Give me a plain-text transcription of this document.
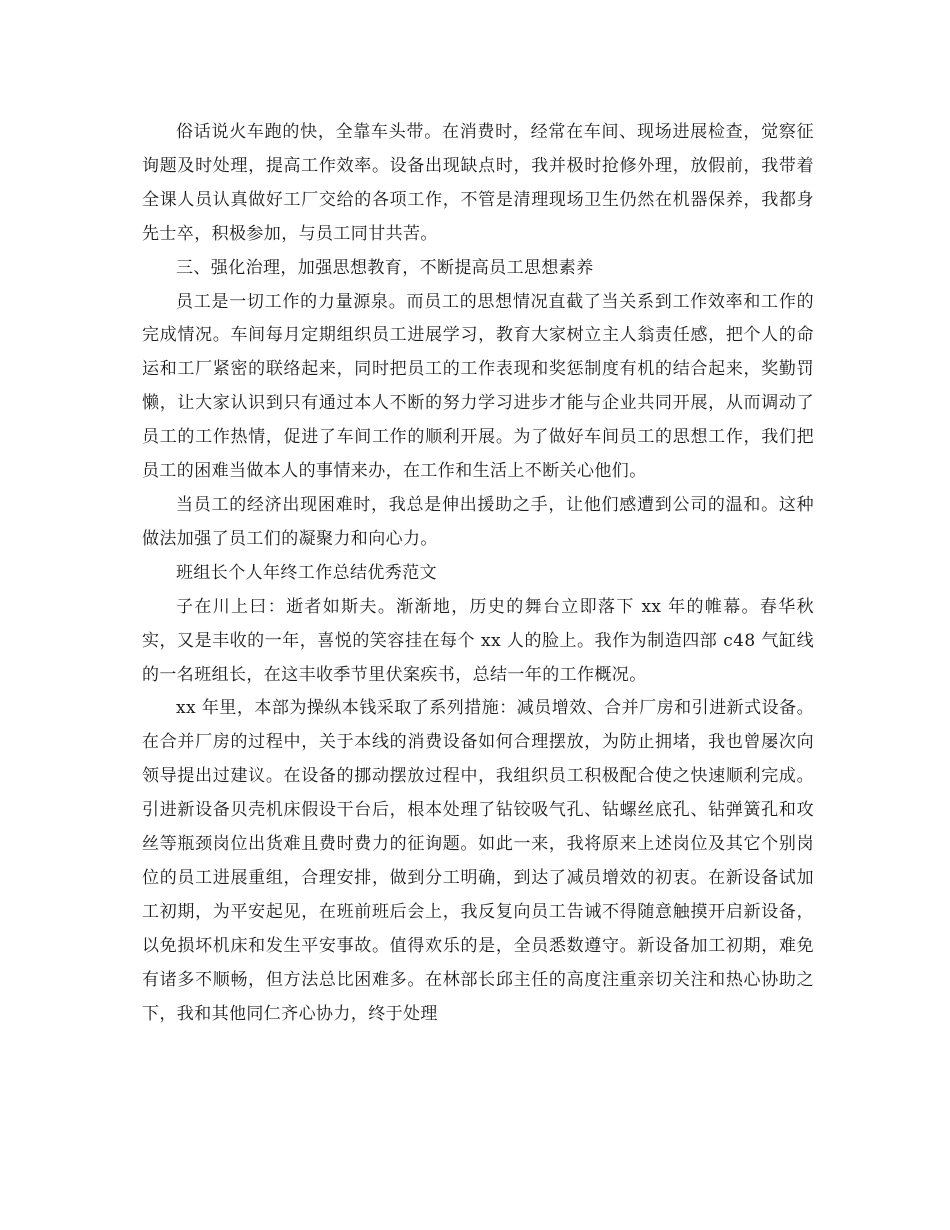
俗话说火车跑的快，全靠车头带。在消费时，经常在车间、现场进展检查，觉察征询题及时处理，提高工作效率。设备出现缺点时，我并极时抢修外理，放假前，我带着全课人员认真做好工厂交给的各项工作，不管是清理现场卫生仍然在机器保养，我都身先士卒，积极参加，与员工同甘共苦。

三、强化治理，加强思想教育，不断提高员工思想素养

员工是一切工作的力量源泉。而员工的思想情况直截了当关系到工作效率和工作的完成情况。车间每月定期组织员工进展学习，教育大家树立主人翁责任感，把个人的命运和工厂紧密的联络起来，同时把员工的工作表现和奖惩制度有机的结合起来，奖勤罚懒，让大家认识到只有通过本人不断的努力学习进步才能与企业共同开展，从而调动了员工的工作热情，促进了车间工作的顺利开展。为了做好车间员工的思想工作，我们把员工的困难当做本人的事情来办，在工作和生活上不断关心他们。

当员工的经济出现困难时，我总是伸出援助之手，让他们感遭到公司的温和。这种做法加强了员工们的凝聚力和向心力。

班组长个人年终工作总结优秀范文

子在川上曰：逝者如斯夫。渐渐地，历史的舞台立即落下 xx 年的帷幕。春华秋实，又是丰收的一年，喜悦的笑容挂在每个 xx 人的脸上。我作为制造四部 c48 气缸线的一名班组长，在这丰收季节里伏案疾书，总结一年的工作概况。

xx 年里，本部为操纵本钱采取了系列措施：减员增效、合并厂房和引进新式设备。在合并厂房的过程中，关于本线的消费设备如何合理摆放，为防止拥堵，我也曾屡次向领导提出过建议。在设备的挪动摆放过程中，我组织员工积极配合使之快速顺利完成。引进新设备贝壳机床假设干台后，根本处理了钻铰吸气孔、钻螺丝底孔、钻弹簧孔和攻丝等瓶颈岗位出货难且费时费力的征询题。如此一来，我将原来上述岗位及其它个别岗位的员工进展重组，合理安排，做到分工明确，到达了减员增效的初衷。在新设备试加工初期，为平安起见，在班前班后会上，我反复向员工告诫不得随意触摸开启新设备，以免损坏机床和发生平安事故。值得欢乐的是，全员悉数遵守。新设备加工初期，难免有诸多不顺畅，但方法总比困难多。在林部长邱主任的高度注重亲切关注和热心协助之下，我和其他同仁齐心协力，终于处理
